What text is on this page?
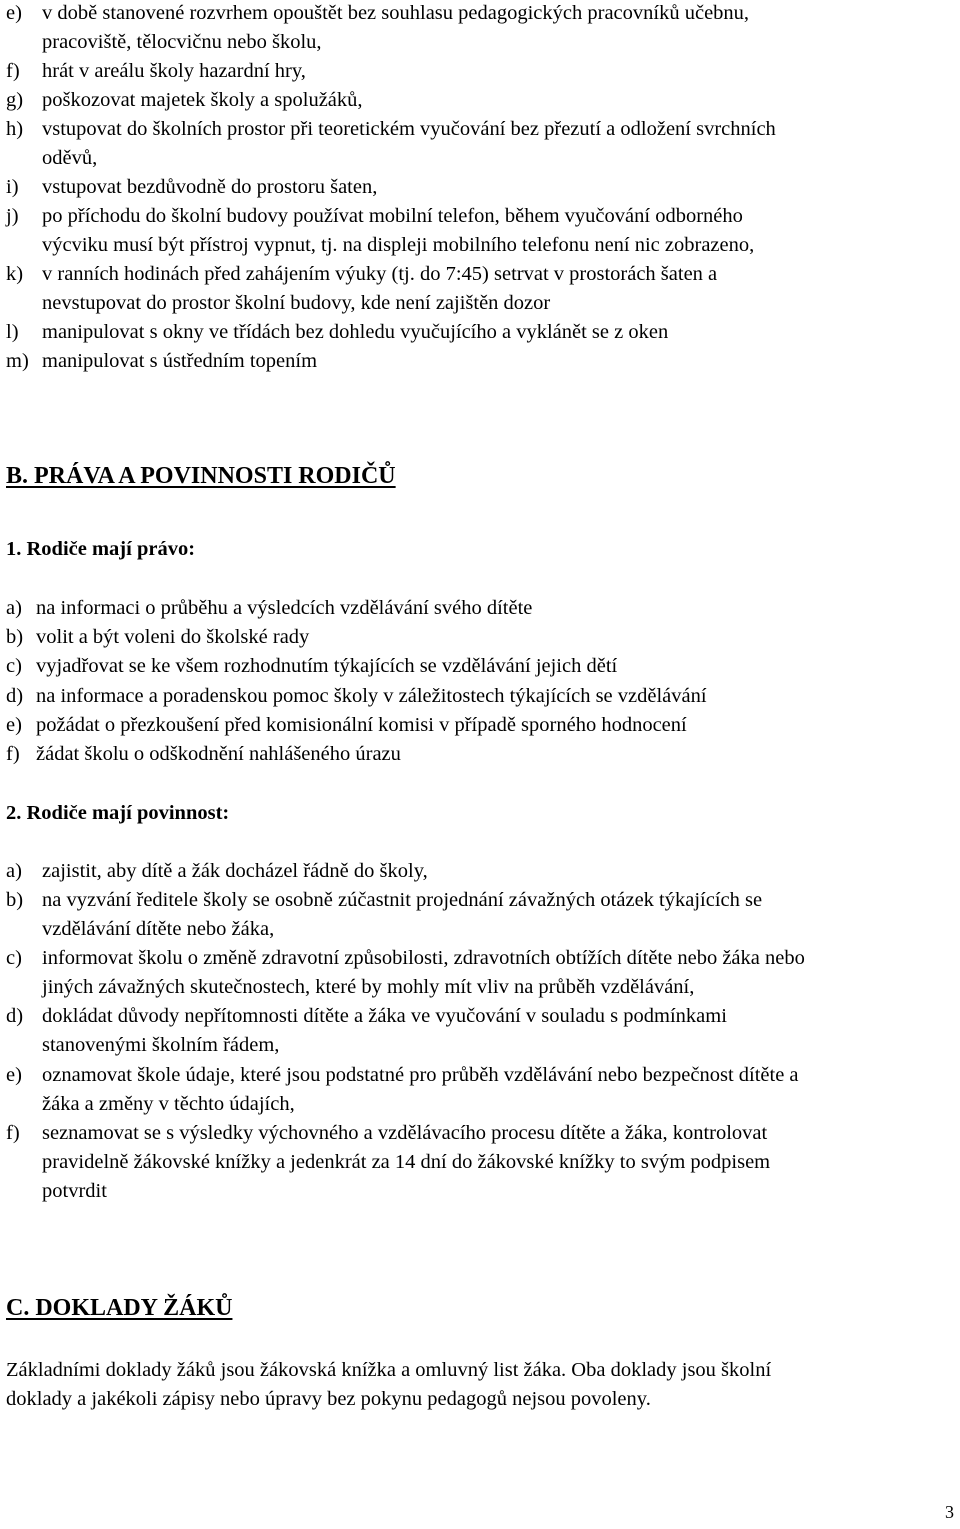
e) v době stanovené rozvrhem opouštět bez souhlasu pedagogických pracovníků učebnu,
pracoviště, tělocvičnu nebo školu,
f) hrát v areálu školy hazardní hry,
g) poškozovat majetek školy a spolužáků,
h) vstupovat do školních prostor při teoretickém vyučování bez přezutí a odložení svrchních
oděvů,
i) vstupovat bezdůvodně do prostoru šaten,
j) po příchodu do školní budovy používat mobilní telefon, během vyučování odborného
výcviku musí být přístroj vypnut, tj. na displeji mobilního telefonu není nic zobrazeno,
k) v ranních hodinách před zahájením výuky (tj. do 7:45) setrvat v prostorách šaten a
nevstupovat do prostor školní budovy, kde není zajištěn dozor
l) manipulovat s okny ve třídách bez dohledu vyučujícího a vyklánět se z oken
m) manipulovat s ústředním topením
B. PRÁVA A POVINNOSTI RODIČŮ
1. Rodiče mají právo:
a) na informaci o průběhu a výsledcích vzdělávání svého dítěte
b) volit a být voleni do školské rady
c) vyjadřovat se ke všem rozhodnutím týkajících se vzdělávání jejich dětí
d) na informace a poradenskou pomoc školy v záležitostech týkajících se vzdělávání
e) požádat o přezkoušení před komisionální komisi v případě sporného hodnocení
f) žádat školu o odškodnění nahlášeného úrazu
2. Rodiče mají povinnost:
a) zajistit, aby dítě a žák docházel řádně do školy,
b) na vyzvání ředitele školy se osobně zúčastnit projednání závažných otázek týkajících se
vzdělávání dítěte nebo žáka,
c) informovat školu o změně zdravotní způsobilosti, zdravotních obtížích dítěte nebo žáka nebo
jiných závažných skutečnostech, které by mohly mít vliv na průběh vzdělávání,
d) dokládat důvody nepřítomnosti dítěte a žáka ve vyučování v souladu s podmínkami
stanovenými školním řádem,
e) oznamovat škole údaje, které jsou podstatné pro průběh vzdělávání nebo bezpečnost dítěte a
žáka a změny v těchto údajích,
f) seznamovat se s výsledky výchovného a vzdělávacího procesu dítěte a žáka, kontrolovat
pravidelně žákovské knížky a jedenkrát za 14 dní do žákovské knížky to svým podpisem
potvrdit
C. DOKLADY ŽÁKŮ
Základními doklady žáků jsou žákovská knížka a omluvný list žáka. Oba doklady jsou školní
doklady a jakékoli zápisy nebo úpravy bez pokynu pedagogů nejsou povoleny.
3
